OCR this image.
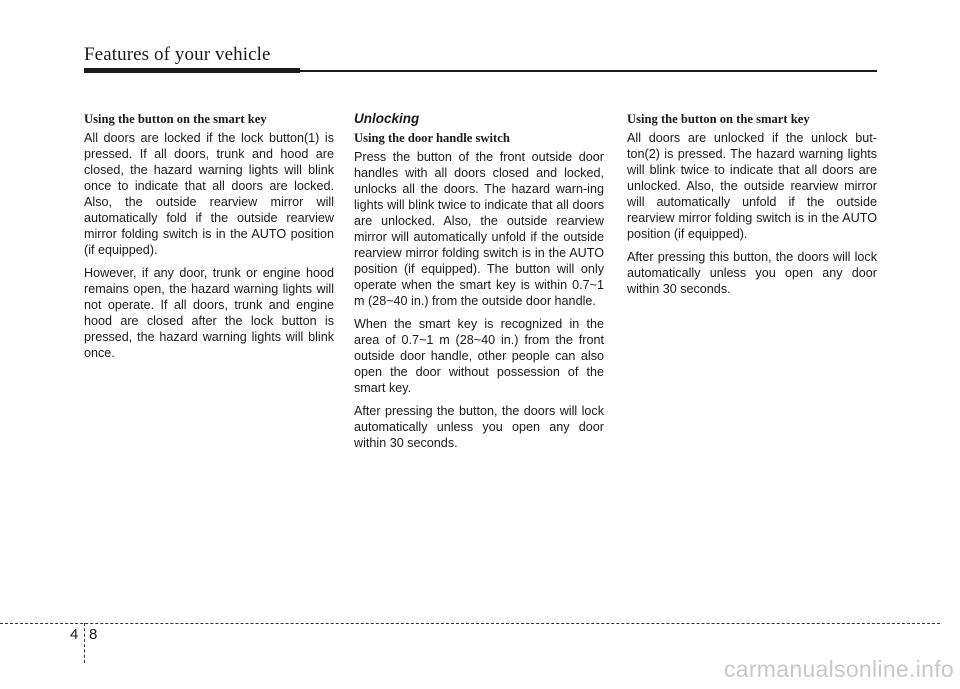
Features of your vehicle
Using the button on the smart key

All doors are locked if the lock button(1) is pressed. If all doors, trunk and hood are closed, the hazard warning lights will blink once to indicate that all doors are locked. Also, the outside rearview mirror will automatically fold if the outside rearview mirror folding switch is in the AUTO position (if equipped).

However, if any door, trunk or engine hood remains open, the hazard warning lights will not operate. If all doors, trunk and engine hood are closed after the lock button is pressed, the hazard warning lights will blink once.

Unlocking
Using the door handle switch

Press the button of the front outside door handles with all doors closed and locked, unlocks all the doors. The hazard warn-ing lights will blink twice to indicate that all doors are unlocked. Also, the outside rearview mirror will automatically unfold if the outside rearview mirror folding switch is in the AUTO position (if equipped). The button will only operate when the smart key is within 0.7~1 m (28~40 in.) from the outside door handle.

When the smart key is recognized in the area of 0.7~1 m (28~40 in.) from the front outside door handle, other people can also open the door without possession of the smart key.

After pressing the button, the doors will lock automatically unless you open any door within 30 seconds.

Using the button on the smart key

All doors are unlocked if the unlock but-ton(2) is pressed. The hazard warning lights will blink twice to indicate that all doors are unlocked. Also, the outside rearview mirror will automatically unfold if the outside rearview mirror folding switch is in the AUTO position (if equipped).

After pressing this button, the doors will lock automatically unless you open any door within 30 seconds.

4 8
carmanualsonline.info
